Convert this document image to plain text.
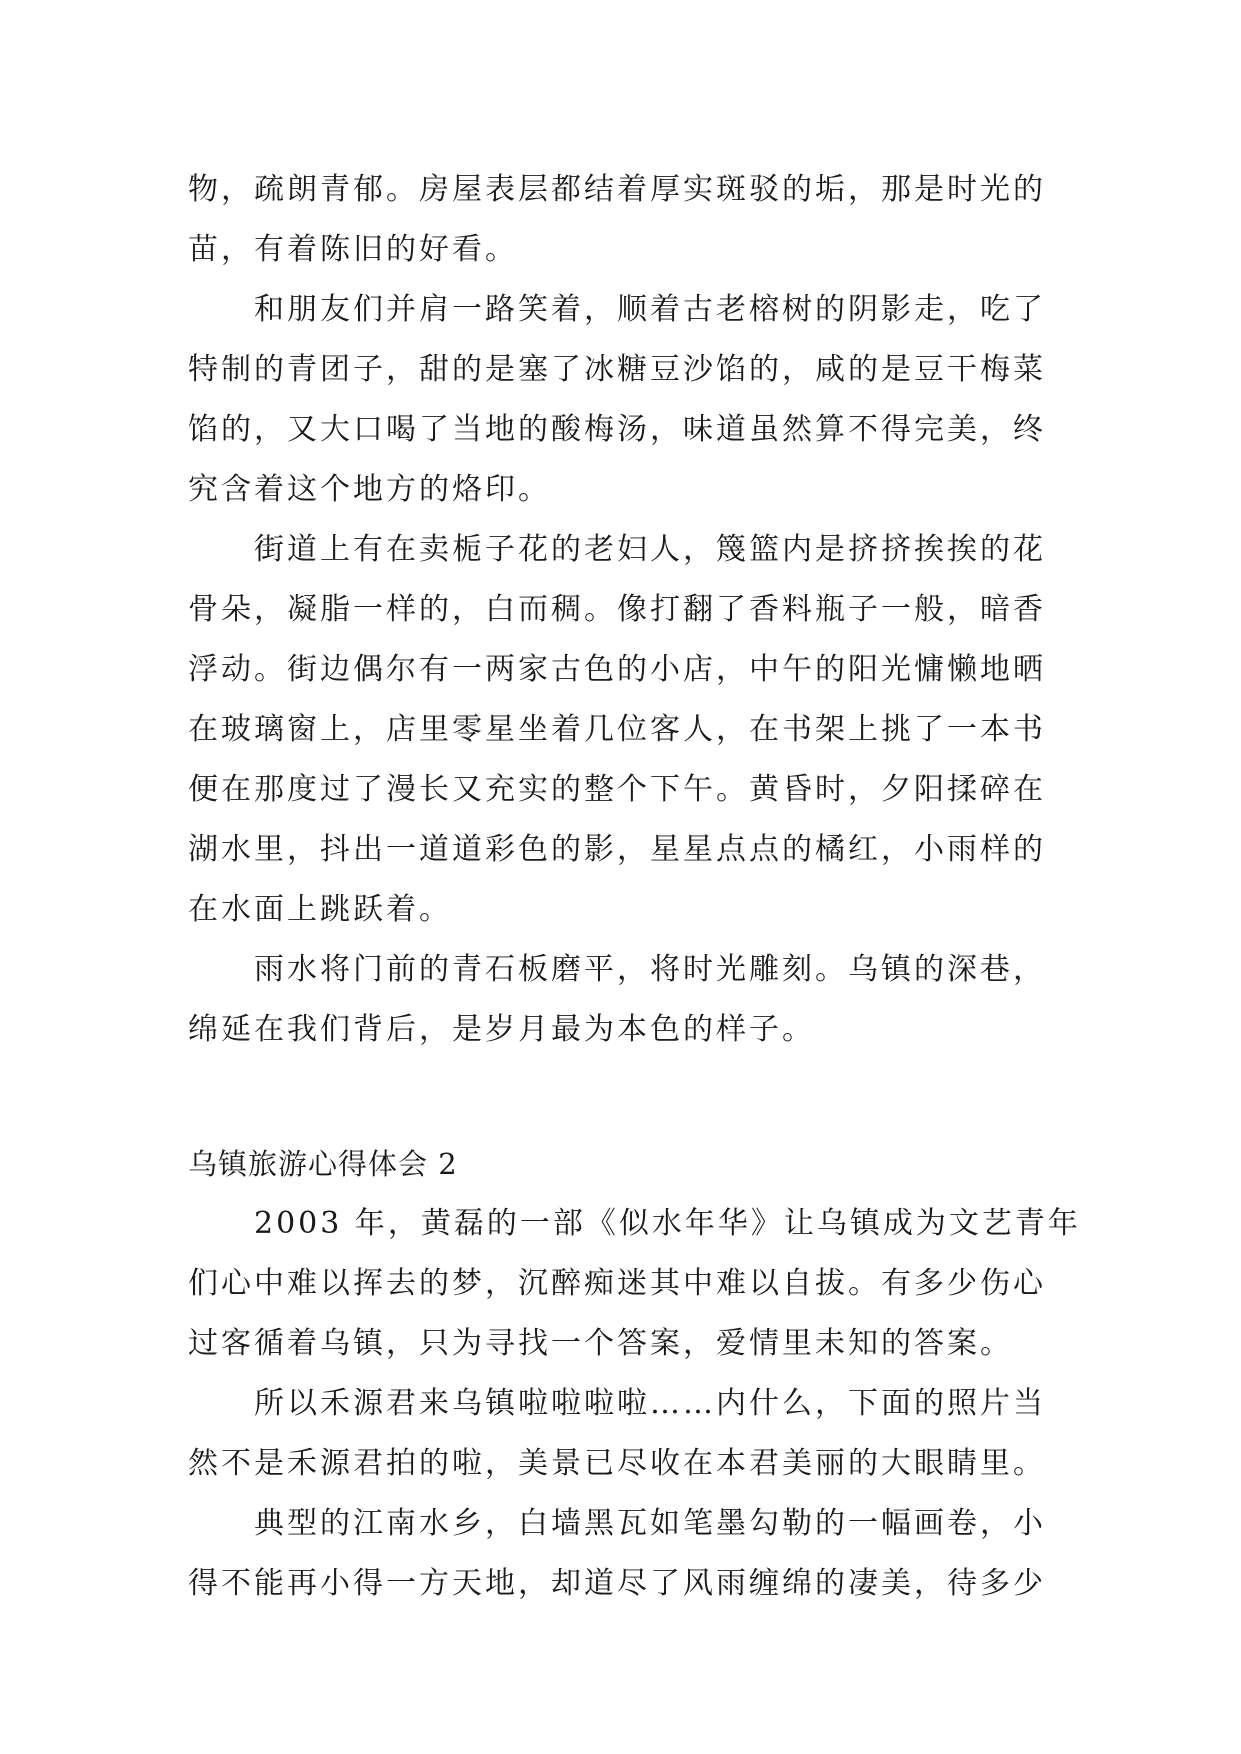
物，疏朗青郁。房屋表层都结着厚实斑驳的垢，那是时光的
苗，有着陈旧的好看。
和朋友们并肩一路笑着，顺着古老榕树的阴影走，吃了
特制的青团子，甜的是塞了冰糖豆沙馅的，咸的是豆干梅菜
馅的，又大口喝了当地的酸梅汤，味道虽然算不得完美，终
究含着这个地方的烙印。
街道上有在卖栀子花的老妇人，篾篮内是挤挤挨挨的花
骨朵，凝脂一样的，白而稠。像打翻了香料瓶子一般，暗香
浮动。街边偶尔有一两家古色的小店，中午的阳光慵懒地晒
在玻璃窗上，店里零星坐着几位客人，在书架上挑了一本书
便在那度过了漫长又充实的整个下午。黄昏时，夕阳揉碎在
湖水里，抖出一道道彩色的影，星星点点的橘红，小雨样的
在水面上跳跃着。
雨水将门前的青石板磨平，将时光雕刻。乌镇的深巷，
绵延在我们背后，是岁月最为本色的样子。
乌镇旅游心得体会 2
2003 年，黄磊的一部《似水年华》让乌镇成为文艺青年
们心中难以挥去的梦，沉醉痴迷其中难以自拔。有多少伤心
过客循着乌镇，只为寻找一个答案，爱情里未知的答案。
所以禾源君来乌镇啦啦啦啦……内什么，下面的照片当
然不是禾源君拍的啦，美景已尽收在本君美丽的大眼睛里。
典型的江南水乡，白墙黑瓦如笔墨勾勒的一幅画卷，小
得不能再小得一方天地，却道尽了风雨缠绵的凄美，待多少
